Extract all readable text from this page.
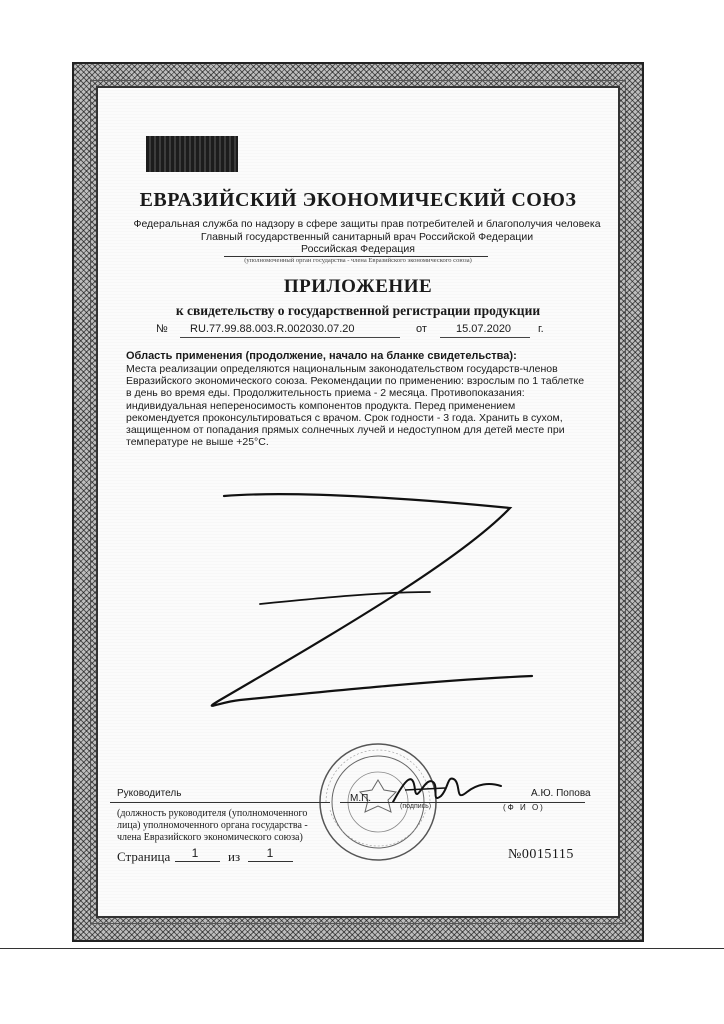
ЕВРАЗИЙСКИЙ ЭКОНОМИЧЕСКИЙ СОЮЗ
Федеральная служба по надзору в сфере защиты прав потребителей и благополучия человека
Главный государственный санитарный врач Российской Федерации
Российская Федерация
(уполномоченный орган государства - члена Евразийского экономического союза)
ПРИЛОЖЕНИЕ
к свидетельству о государственной регистрации продукции
№ RU.77.99.88.003.R.002030.07.20	от	15.07.2020 г.
Область применения (продолжение, начало на бланке свидетельства):
Места реализации определяются национальным законодательством государств-членов Евразийского экономического союза. Рекомендации по применению: взрослым по 1 таблетке в день во время еды. Продолжительность приема - 2 месяца. Противопоказания: индивидуальная непереносимость компонентов продукта. Перед применением рекомендуется проконсультироваться с врачом. Срок годности - 3 года. Хранить в сухом, защищенном от попадания прямых солнечных лучей и недоступном для детей месте при температуре не выше +25°С.
Руководитель	А.Ю. Попова
(должность руководителя (уполномоченного лица) уполномоченного органа государства - члена Евразийского экономического союза)
М.П.
(подпись)	(Ф И О)
Страница	1	из	1	№0015115
